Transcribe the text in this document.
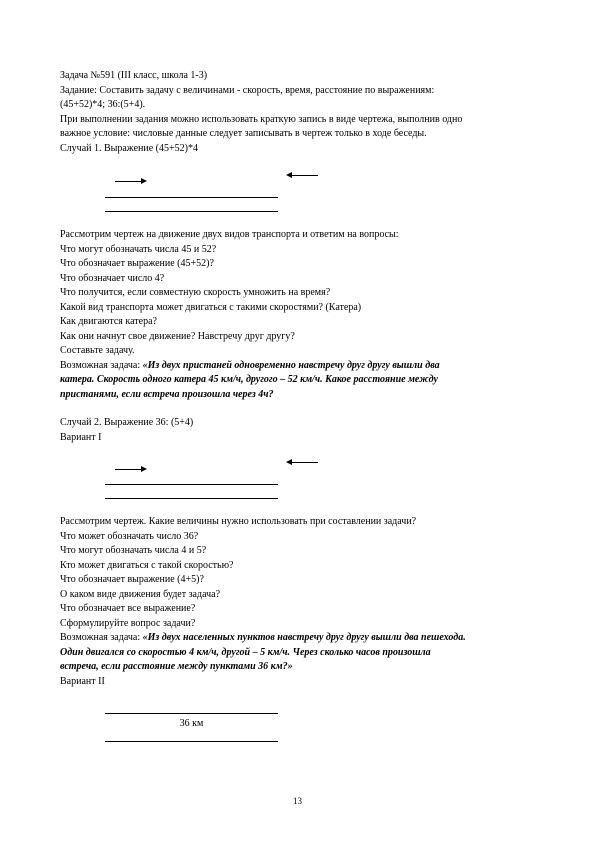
Задача №591 (III класс, школа 1-3)
Задание: Составить задачу с величинами - скорость, время, расстояние по выражениям:
(45+52)*4; 36:(5+4).
При выполнении задания можно использовать краткую запись в виде чертежа, выполнив одно
важное условие: числовые данные следует записывать в чертеж только в ходе беседы.
Случай 1. Выражение (45+52)*4
Рассмотрим чертеж на движение двух видов транспорта и ответим на вопросы:
Что могут обозначать числа 45 и 52?
Что обозначает выражение (45+52)?
Что обозначает число 4?
Что получится, если совместную скорость умножить на время?
Какой вид транспорта может двигаться с такими скоростями? (Катера)
Как двигаются катера?
Как они начнут свое движение? Навстречу друг другу?
Составьте задачу.
Возможная задача: «Из двух пристаней одновременно навстречу друг другу вышли два
катера. Скорость одного катера 45 км/ч, другого – 52 км/ч. Какое расстояние между
пристанями, если встреча произошла через 4ч?
Случай 2. Выражение 36: (5+4)
Вариант I
Рассмотрим чертеж. Какие величины нужно использовать при составлении задачи?
Что может обозначать число 36?
Что могут обозначать числа 4 и 5?
Кто может двигаться с такой скоростью?
Что обозначает выражение (4+5)?
О каком виде движения будет задача?
Что обозначает все выражение?
Сформулируйте вопрос задачи?
Возможная задача: «Из двух населенных пунктов навстречу друг другу вышли два пешехода.
Один двигался со скоростью 4 км/ч, другой – 5 км/ч. Через сколько часов произошла
встреча, если расстояние между пунктами 36 км?»
Вариант II
36 км
13
